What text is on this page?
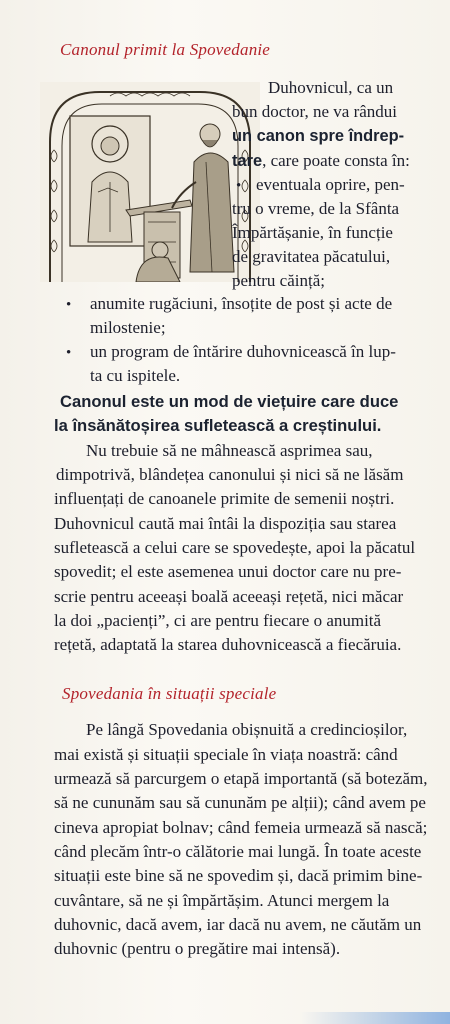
Canonul primit la Spovedanie
Duhovnicul, ca un
bun doctor, ne va rândui
un canon spre îndrep-
tare, care poate consta în:
• eventuala oprire, pen-
tru o vreme, de la Sfânta
Împărtășanie, în funcție
de gravitatea păcatului,
pentru căință;
• anumite rugăciuni, însoțite de post și acte de
milostenie;
• un program de întărire duhovnicească în lup-
ta cu ispitele.
Canonul este un mod de viețuire care duce
la însănătoșirea sufletească a creștinului.
Nu trebuie să ne mâhnească asprimea sau,
dimpotrivă, blândețea canonului și nici să ne lăsăm
influențați de canoanele primite de semenii noștri.
Duhovnicul caută mai întâi la dispoziția sau starea
sufletească a celui care se spovedește, apoi la păcatul
spovedit; el este asemenea unui doctor care nu pre-
scrie pentru aceeași boală aceeași rețetă, nici măcar
la doi „pacienți”, ci are pentru fiecare o anumită
rețetă, adaptată la starea duhovnicească a fiecăruia.
Spovedania în situații speciale
Pe lângă Spovedania obișnuită a credincioșilor,
mai există și situații speciale în viața noastră: când
urmează să parcurgem o etapă importantă (să botezăm,
să ne cununăm sau să cununăm pe alții); când avem pe
cineva apropiat bolnav; când femeia urmează să nască;
când plecăm într-o călătorie mai lungă. În toate aceste
situații este bine să ne spovedim și, dacă primim bine-
cuvântare, să ne și împărtășim. Atunci mergem la
duhovnic, dacă avem, iar dacă nu avem, ne căutăm un
duhovnic (pentru o pregătire mai intensă).
